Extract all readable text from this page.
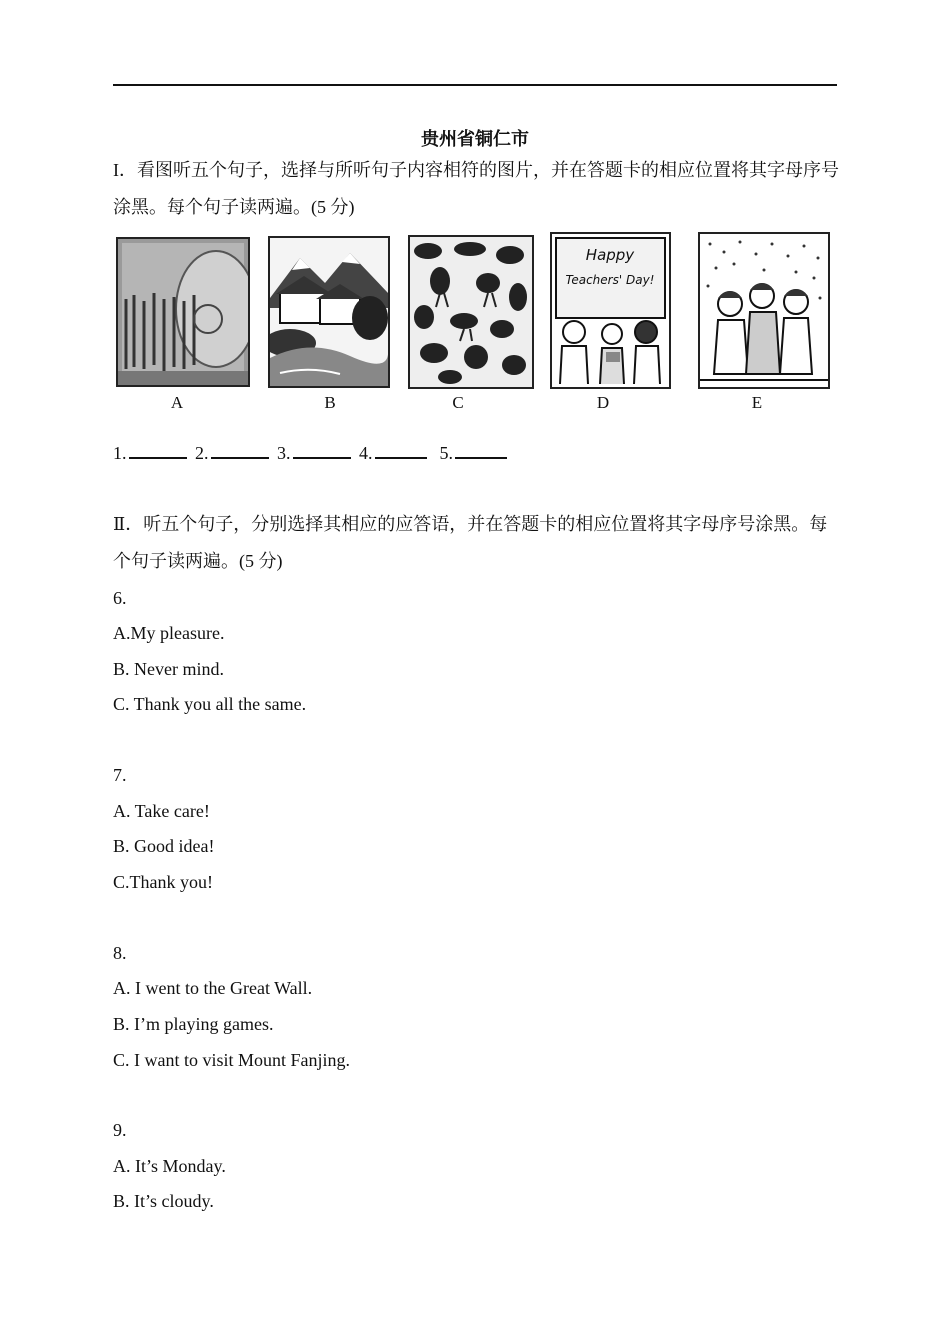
贵州省铜仁市
I．看图听五个句子，选择与所听句子内容相符的图片，并在答题卡的相应位置将其字母序号涂黑。每个句子读两遍。(5 分)
A	B	C
Happy
Teachers' Day!
D	E
1.	2.	3.	4.	5.
Ⅱ．听五个句子，分别选择其相应的应答语，并在答题卡的相应位置将其字母序号涂黑。每个句子读两遍。(5 分)
6.
A.My pleasure.
B. Never mind.
C. Thank you all the same.
7.
A. Take care!
B. Good idea!
C.Thank you!
8.
A. I went to the Great Wall.
B. I’m playing games.
C. I want to visit Mount Fanjing.
9.
A. It’s Monday.
B. It’s cloudy.
